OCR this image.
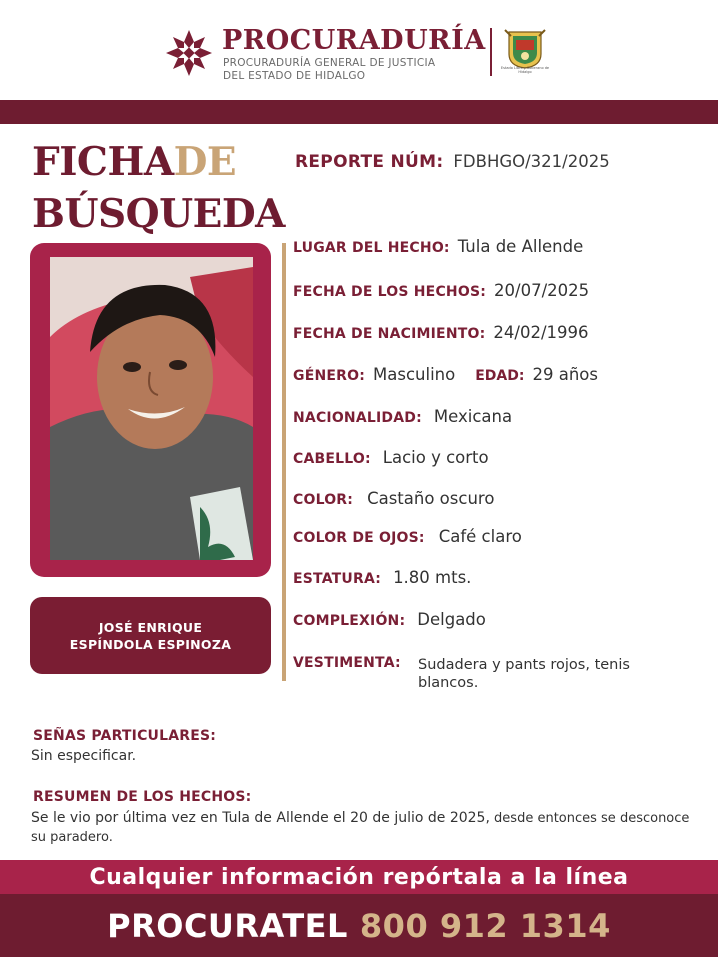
PROCURADURÍA
PROCURADURÍA GENERAL DE JUSTICIA
DEL ESTADO DE HIDALGO
Estado Libre y Soberano de Hidalgo
FICHADE
BÚSQUEDA
REPORTE NÚM: FDBHGO/321/2025
JOSÉ ENRIQUE
ESPÍNDOLA ESPINOZA
LUGAR DEL HECHO: Tula de Allende
FECHA DE LOS HECHOS: 20/07/2025
FECHA DE NACIMIENTO: 24/02/1996
GÉNERO: Masculino EDAD: 29 años
NACIONALIDAD: Mexicana
CABELLO: Lacio y corto
COLOR: Castaño oscuro
COLOR DE OJOS: Café claro
ESTATURA: 1.80 mts.
COMPLEXIÓN: Delgado
VESTIMENTA: Sudadera y pants rojos, tenis blancos.
SEÑAS PARTICULARES:
Sin especificar.
RESUMEN DE LOS HECHOS:
Se le vio por última vez en Tula de Allende el 20 de julio de 2025, desde entonces se desconoce su paradero.
Cualquier información repórtala a la línea
PROCURATEL 800 912 1314
